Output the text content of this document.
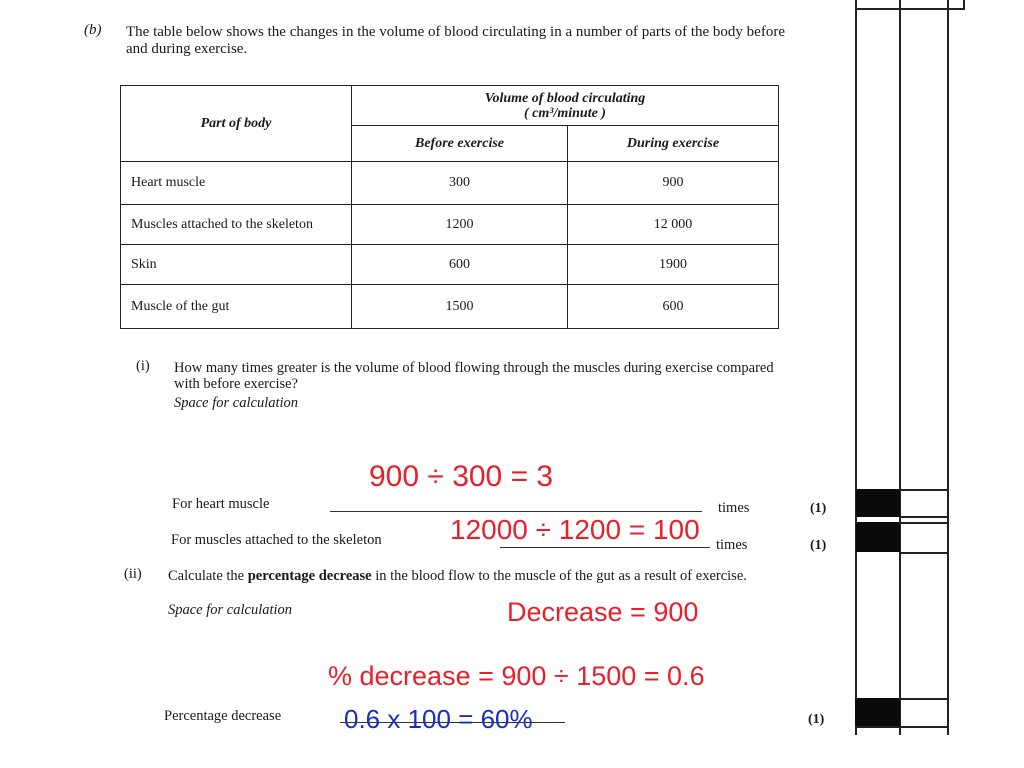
(b) The table below shows the changes in the volume of blood circulating in a number of parts of the body before and during exercise.
Part of body	Volume of blood circulating
( cm³/minute )	
	Before exercise	During exercise
Heart muscle	300	900
Muscles attached to the skeleton	1200	12 000
Skin	600	1900
Muscle of the gut	1500	600
(i) How many times greater is the volume of blood flowing through the muscles during exercise compared with before exercise?
Space for calculation
For heart muscle	times	(1)
For muscles attached to the skeleton	times	(1)
(ii) Calculate the percentage decrease in the blood flow to the muscle of the gut as a result of exercise.
Space for calculation
Percentage decrease	(1)
900 ÷ 300 = 3
12000 ÷ 1200 = 100
Decrease = 900
% decrease = 900 ÷ 1500 = 0.6
0.6 x 100 = 60%
